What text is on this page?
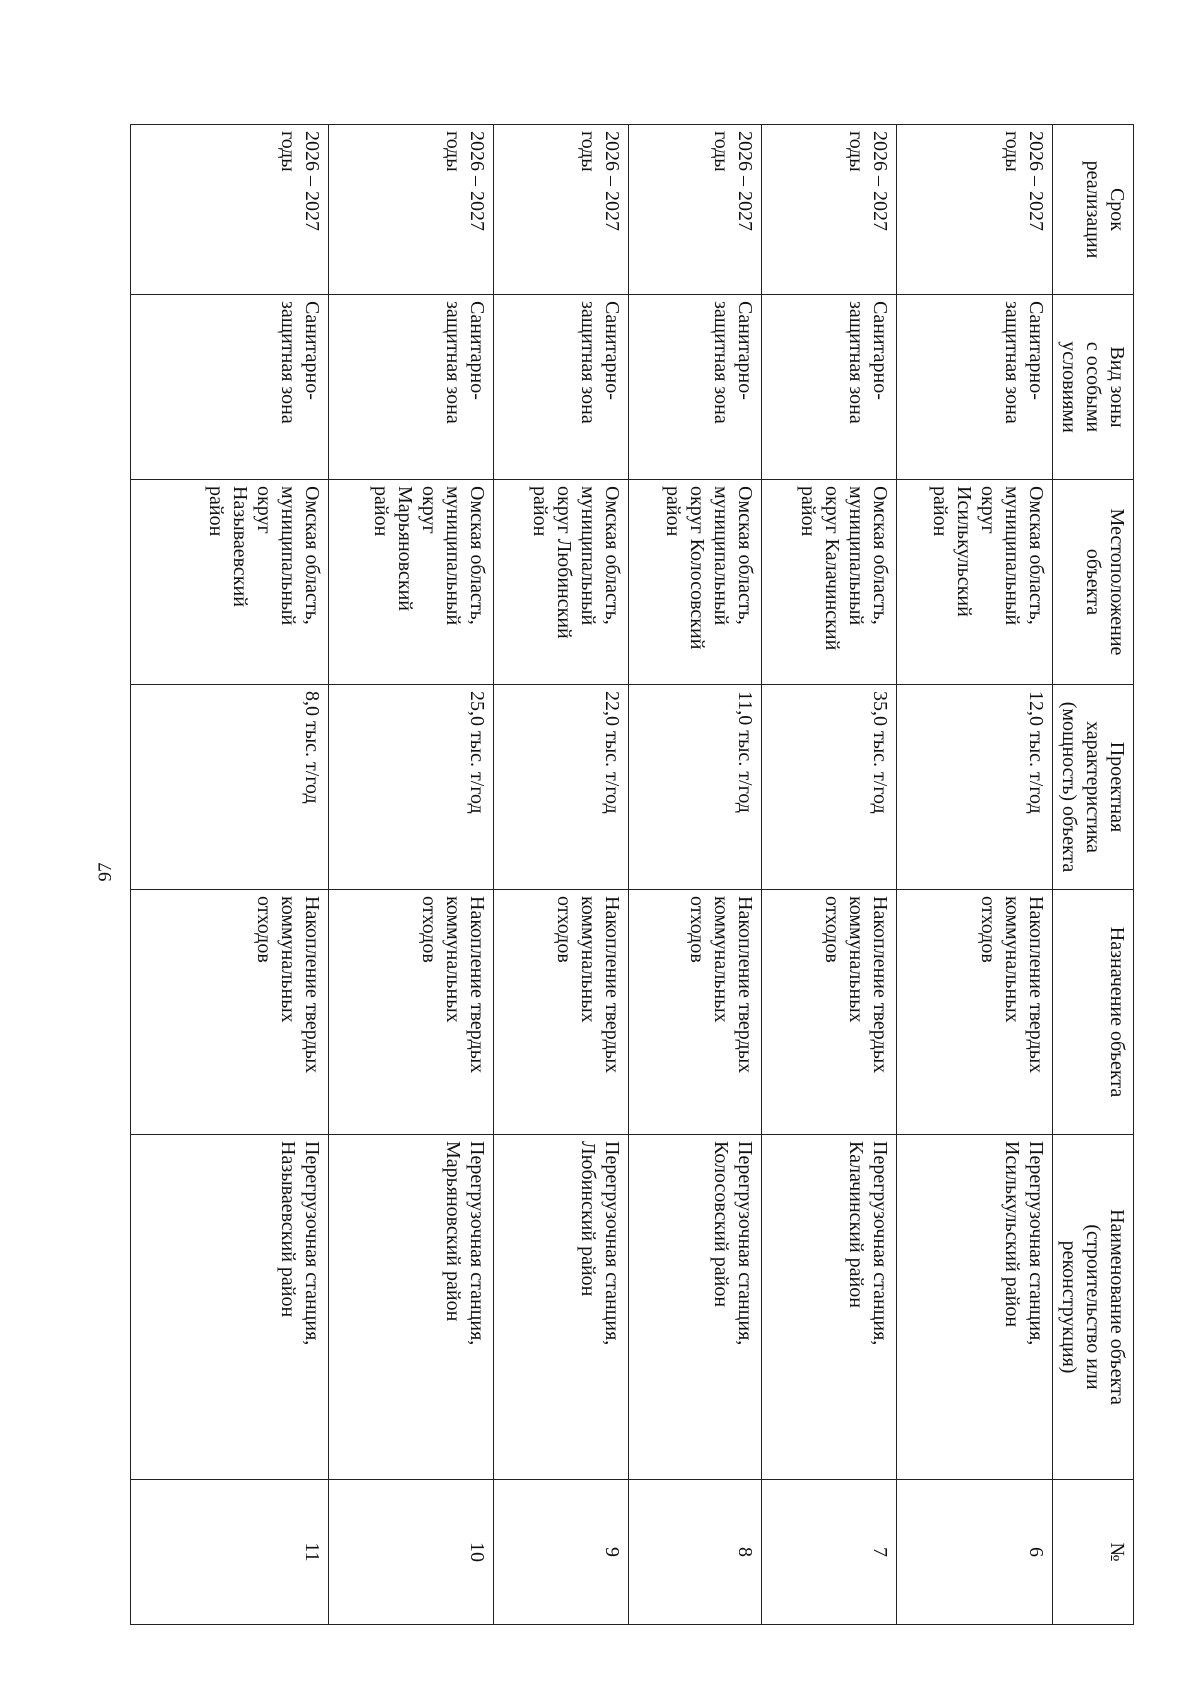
97
Срок
реализации	Вид зоны
с особыми
условиями	Местоположение
объекта	Проектная
характеристика
(мощность) объекта	Назначение объекта	Наименование объекта
(строительство или
реконструкция)	№

2026 – 2027
годы	Санитарно-
защитная зона	Омская область,
муниципальный
округ
Исилькульский
район	12,0 тыс. т/год	Накопление твердых
коммунальных
отходов	Перегрузочная станция,
Исилькульский район	6

2026 – 2027
годы	Санитарно-
защитная зона	Омская область,
муниципальный
округ Калачинский
район	35,0 тыс. т/год	Накопление твердых
коммунальных
отходов	Перегрузочная станция,
Калачинский район	7

2026 – 2027
годы	Санитарно-
защитная зона	Омская область,
муниципальный
округ Колосовский
район	11,0 тыс. т/год	Накопление твердых
коммунальных
отходов	Перегрузочная станция,
Колосовский район	8

2026 – 2027
годы	Санитарно-
защитная зона	Омская область,
муниципальный
округ Любинский
район	22,0 тыс. т/год	Накопление твердых
коммунальных
отходов	Перегрузочная станция,
Любинский район	9

2026 – 2027
годы	Санитарно-
защитная зона	Омская область,
муниципальный
округ
Марьяновский
район	25,0 тыс. т/год	Накопление твердых
коммунальных
отходов	Перегрузочная станция,
Марьяновский район	10

2026 – 2027
годы	Санитарно-
защитная зона	Омская область,
муниципальный
округ
Называевский
район	8,0 тыс. т/год	Накопление твердых
коммунальных
отходов	Перегрузочная станция,
Называевский район	11
